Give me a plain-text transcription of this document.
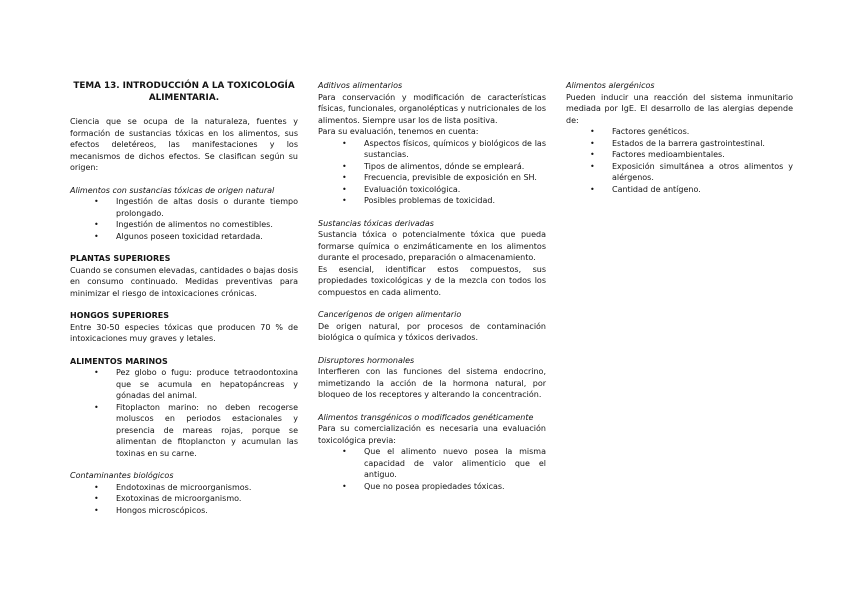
TEMA 13. INTRODUCCIÓN A LA TOXICOLOGÍA ALIMENTARIA.
Ciencia que se ocupa de la naturaleza, fuentes y formación de sustancias tóxicas en los alimentos, sus efectos deletéreos, las manifestaciones y los mecanismos de dichos efectos. Se clasifican según su origen:
Alimentos con sustancias tóxicas de origen natural
• Ingestión de altas dosis o durante tiempo prolongado.
• Ingestión de alimentos no comestibles.
• Algunos poseen toxicidad retardada.
PLANTAS SUPERIORES
Cuando se consumen elevadas, cantidades o bajas dosis en consumo continuado. Medidas preventivas para minimizar el riesgo de intoxicaciones crónicas.
HONGOS SUPERIORES
Entre 30-50 especies tóxicas que producen 70 % de intoxicaciones muy graves y letales.
ALIMENTOS MARINOS
• Pez globo o fugu: produce tetraodontoxina que se acumula en hepatopáncreas y gónadas del animal.
• Fitoplacton marino: no deben recogerse moluscos en periodos estacionales y presencia de mareas rojas, porque se alimentan de fitoplancton y acumulan las toxinas en su carne.
Contaminantes biológicos
• Endotoxinas de microorganismos.
• Exotoxinas de microorganismo.
• Hongos microscópicos.
Aditivos alimentarios
Para conservación y modificación de características físicas, funcionales, organolépticas y nutricionales de los alimentos. Siempre usar los de lista positiva.
Para su evaluación, tenemos en cuenta:
• Aspectos físicos, químicos y biológicos de las sustancias.
• Tipos de alimentos, dónde se empleará.
• Frecuencia, previsible de exposición en SH.
• Evaluación toxicológica.
• Posibles problemas de toxicidad.
Sustancias tóxicas derivadas
Sustancia tóxica o potencialmente tóxica que pueda formarse química o enzimáticamente en los alimentos durante el procesado, preparación o almacenamiento.
Es esencial, identificar estos compuestos, sus propiedades toxicológicas y de la mezcla con todos los compuestos en cada alimento.
Cancerígenos de origen alimentario
De origen natural, por procesos de contaminación biológica o química y tóxicos derivados.
Disruptores hormonales
Interfieren con las funciones del sistema endocrino, mimetizando la acción de la hormona natural, por bloqueo de los receptores y alterando la concentración.
Alimentos transgénicos o modificados genéticamente
Para su comercialización es necesaria una evaluación toxicológica previa:
• Que el alimento nuevo posea la misma capacidad de valor alimenticio que el antiguo.
• Que no posea propiedades tóxicas.
Alimentos alergénicos
Pueden inducir una reacción del sistema inmunitario mediada por IgE. El desarrollo de las alergias depende de:
• Factores genéticos.
• Estados de la barrera gastrointestinal.
• Factores medioambientales.
• Exposición simultánea a otros alimentos y alérgenos.
• Cantidad de antígeno.
